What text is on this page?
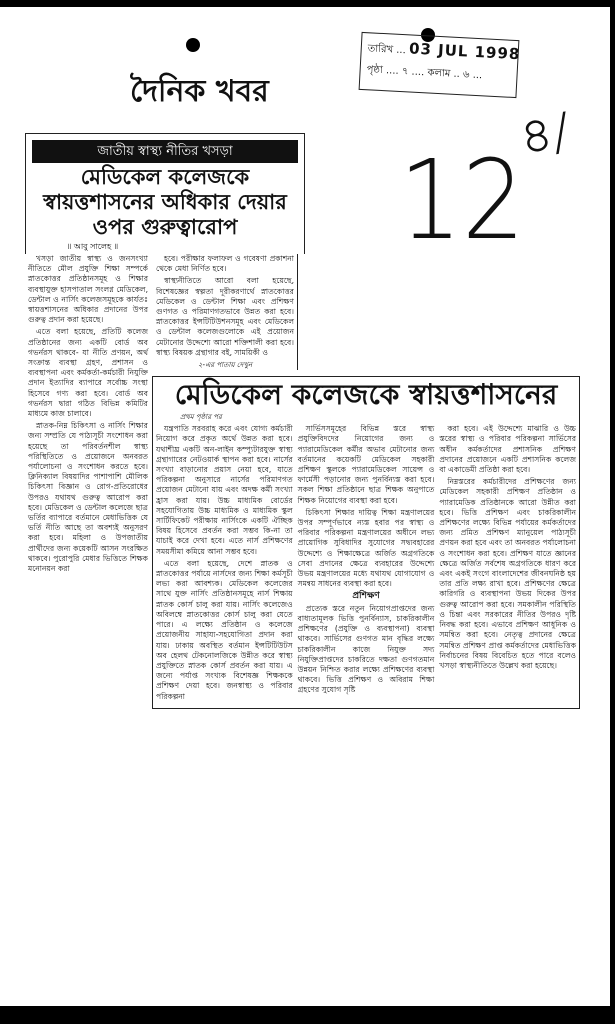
দৈনিক খবর
তারিখ ... 03 JUL 1998
পৃষ্ঠা .... ৭ .... কলাম .. ৬ ...
12
৪/
জাতীয় স্বাস্থ্য নীতির খসড়া
মেডিকেল কলেজকে স্বায়ত্তশাসনের অধিকার দেয়ার ওপর গুরুত্বারোপ
॥ আবু সালেহ ॥

খসড়া জাতীয় স্বাস্থ্য ও জনসংখ্যা নীতিতে মৌল প্রযুক্তি শিক্ষা সম্পর্কে স্নাতকোত্তর প্রতিষ্ঠানসমূহ ও শিক্ষার ব্যবস্থাযুক্ত হাসপাতাল সংলগ্ন মেডিকেল, ডেন্টাল ও নার্সিং কলেজসমূহকে কার্যতঃ স্বায়ত্তশাসনের অধিকার প্রদানের উপর গুরুত্ব প্রদান করা হয়েছে।

এতে বলা হয়েছে, প্রতিটি কলেজ প্রতিষ্ঠানের জন্য একটি বোর্ড অব গভর্নরস থাকবে- যা নীতি প্রণয়ন, অর্থ সংক্রান্ত ব্যবস্থা গ্রহণ, প্রশাসন ও ব্যবস্থাপনা এবং কর্মকর্তা-কর্মচারী নিযুক্তি প্রদান ইত্যাদির ব্যাপারে সর্বোচ্চ সংস্থা হিসেবে গণ্য করা হবে। বোর্ড অব গভর্নরস দ্বারা গঠিত বিভিন্ন কমিটির মাধ্যমে কাজ চালাবে।

স্নাতক-নিম্ন চিকিৎসা ও নার্সিং শিক্ষার জন্য সম্প্রতি যে পাঠ্যসূচী সংশোধন করা হয়েছে তা পরিবর্তনশীল স্বাস্থ্য পরিস্থিতিতে ও প্রয়োজনে অনবরত পর্যালোচনা ও সংশোধন করতে হবে। ক্লিনিক্যাল বিষয়াদির পাশাপাশি মৌলিক চিকিৎসা বিজ্ঞান ও রোগ-প্রতিরোধের উপরও যথাযথ গুরুত্ব আরোপ করা হবে। মেডিকেল ও ডেন্টাল কলেজে ছাত্র ভর্তির ব্যাপারে বর্তমানে মেধাভিত্তিক যে ভর্তি নীতি আছে তা অবশ্যই অনুসরণ করা হবে। মহিলা ও উপজাতীয় প্রার্থীদের জন্য কয়েকটি আসন সংরক্ষিত থাকবে। পুরোপুরি মেধার ভিত্তিতে শিক্ষক মনোনয়ন করা

হবে। পরীক্ষার ফলাফল ও গবেষণা প্রকাশনা থেকে মেধা নির্ণিত হবে।

স্বাস্থ্যনীতিতে আরো বলা হয়েছে, বিশেষজ্ঞের স্বল্পতা দূরীকরণার্থে স্নাতকোত্তর মেডিকেল ও ডেন্টাল শিক্ষা এবং প্রশিক্ষণ গুণগত ও পরিমাণগতভাবে উন্নত করা হবে। স্নাতকোত্তর ইন্সটিটিউশনসমূহ এবং মেডিকেল ও ডেন্টাল কলেজগুলোকে এই প্রয়োজন মেটানোর উদ্দেশ্যে আরো শক্তিশালী করা হবে। স্বাস্থ্য বিষয়ক গ্রন্থাগার বই, সাময়িকী ও

২-এর পাতায় দেখুন
মেডিকেল কলেজকে স্বায়ত্তশাসনের
প্রথম পৃষ্ঠার পর

যন্ত্রপাতি সরবরাহ করে এবং যোগ্য কর্মচারী নিয়োগ করে প্রকৃত অর্থে উন্নত করা হবে। যথাশীঘ্র একটি অন-লাইন কম্প্যুটারযুক্ত স্বাস্থ্য গ্রন্থাগারের নেটওয়ার্ক স্থাপন করা হবে। নার্সের সংখ্যা বাড়ানোর প্রয়াস নেয়া হবে, যাতে পরিকল্পনা অনুসারে নার্সের পরিমাণগত প্রয়োজন মেটানো যায় এবং অদক্ষ কর্মী সংখ্যা হ্রাস করা যায়। উচ্চ মাধ্যমিক বোর্ডের সহযোগিতায় উচ্চ মাধ্যমিক ও মাধ্যমিক স্কুল সার্টিফিকেট পরীক্ষায় নার্সিংকে একটি ঐচ্ছিক বিষয় হিসেবে প্রবর্তন করা সম্ভব কি-না তা যাচাই করে দেখা হবে। এতে নার্স প্রশিক্ষণের সময়সীমা কমিয়ে আনা সম্ভব হবে।

এতে বলা হয়েছে, দেশে স্নাতক ও স্নাতকোত্তর পর্যায়ে নার্সদের জন্য শিক্ষা কর্মসূচী লভ্য করা আবশ্যক। মেডিকেল কলেজের সাথে যুক্ত নার্সিং প্রতিষ্ঠানসমূহে নার্স শিক্ষায় স্নাতক কোর্স চালু করা যায়। নার্সিং কলেজেও অবিলম্বে স্নাতকোত্তর কোর্স চালু করা যেতে পারে। এ লক্ষ্যে প্রতিষ্ঠান ও কলেজে প্রয়োজনীয় সাহায্য-সহযোগিতা প্রদান করা যায়। ঢাকায় অবস্থিত বর্তমান ইন্সটিটিউটস অব হেলথ টেকনোলজিকে উন্নীত করে স্বাস্থ্য প্রযুক্তিতে স্নাতক কোর্স প্রবর্তন করা যায়। এ জন্যে পর্যাপ্ত সংখ্যক বিশেষজ্ঞ শিক্ষককে প্রশিক্ষণ দেয়া হবে। জনস্বাস্থ্য ও পরিবার পরিকল্পনা

সার্ভিসসমূহের বিভিন্ন স্তরে স্বাস্থ্য প্রযুক্তিবিদদের নিয়োগের জন্য ও প্যারামেডিকেল কর্মীর অভাব মেটানোর জন্য বর্তমানের কয়েকটি মেডিকেল সহকারী প্রশিক্ষণ স্কুলকে প্যারামেডিকেল সায়েন্স ও ফার্মেসী পড়ানোর জন্য পুনর্বিন্যস্ত করা হবে। সকল শিক্ষা প্রতিষ্ঠানে ছাত্র শিক্ষক অনুপাতে শিক্ষক নিয়োগের ব্যবস্থা করা হবে।

চিকিৎসা শিক্ষার দায়িত্ব শিক্ষা মন্ত্রণালয়ের উপর সম্পূর্ণভাবে ন্যস্ত হবার পর স্বাস্থ্য ও পরিবার পরিকল্পনা মন্ত্রণালয়ের অধীনে লভ্য প্রায়োগিক সুবিধাদির সুযোগের সদ্ব্যবহারের উদ্দেশ্যে ও শিক্ষাক্ষেত্রে অর্জিত অগ্রগতিকে সেবা প্রদানের ক্ষেত্রে ব্যবহারের উদ্দেশ্যে উভয় মন্ত্রণালয়ের মধ্যে যথাযথ যোগাযোগ ও সমন্বয় সাধনের ব্যবস্থা করা হবে।

প্রশিক্ষণ

প্রত্যেক স্তরে নতুন নিয়োগপ্রাপ্তদের জন্য বাধ্যতামূলক ভিত্তি পুনর্বিন্যাস, চাকরিকালীন প্রশিক্ষণের (প্রযুক্তি ও ব্যবস্থাপনা) ব্যবস্থা থাকবে। সার্ভিসের গুণগত মান বৃদ্ধির লক্ষ্যে চাকরিকালীন কাজে নিযুক্ত সদ্য নিযুক্তিপ্রাপ্তদের চাকরিতে দক্ষতা গুণগতমান উন্নয়ন নিশ্চিত করার লক্ষ্যে প্রশিক্ষণের ব্যবস্থা থাকবে। ভিত্তি প্রশিক্ষণ ও অবিরাম শিক্ষা গ্রহণের সুযোগ সৃষ্টি

করা হবে। এই উদ্দেশ্যে মাঝারি ও উচ্চ স্তরের স্বাস্থ্য ও পরিবার পরিকল্পনা সার্ভিসের অধীন কর্মকর্তাদের প্রশাসনিক প্রশিক্ষণ প্রদানের প্রয়োজনে একটি প্রশাসনিক কলেজ বা একাডেমী প্রতিষ্ঠা করা হবে।

নিম্নস্তরের কর্মচারীদের প্রশিক্ষণের জন্য মেডিকেল সহকারী প্রশিক্ষণ প্রতিষ্ঠান ও প্যারামেডিক প্রতিষ্ঠানকে আরো উন্নীত করা হবে। ভিত্তি প্রশিক্ষণ এবং চাকরিকালীন প্রশিক্ষণের লক্ষ্যে বিভিন্ন পর্যায়ের কর্মকর্তাদের জন্য প্রমিত প্রশিক্ষণ ম্যানুয়েল পাঠ্যসূচী প্রণয়ন করা হবে এবং তা অনবরত পর্যালোচনা ও সংশোধন করা হবে। প্রশিক্ষণ যাতে জ্ঞানের ক্ষেত্রে অর্জিত সর্বশেষ অগ্রগতিকে ধারণ করে এবং একই সংগে বাংলাদেশের জীবনঘনিষ্ঠ হয় তার প্রতি লক্ষ্য রাখা হবে। প্রশিক্ষণের ক্ষেত্রে কারিগরি ও ব্যবস্থাপনা উভয় দিকের উপর গুরুত্ব আরোপ করা হবে। সমকালীন পরিস্থিতি ও চিন্তা এবং সরকারের নীতির উপরও দৃষ্টি নিবদ্ধ করা হবে। এভাবে প্রশিক্ষণ আধুনিক ও সমন্বিত করা হবে। নেতৃত্ব প্রদানের ক্ষেত্রে সমন্বিত প্রশিক্ষণ প্রাপ্ত কর্মকর্তাদের মেধাভিত্তিক নির্বাচনের বিষয় বিবেচিত হতে পারে বলেও খসড়া স্বাস্থ্যনীতিতে উল্লেখ করা হয়েছে।
